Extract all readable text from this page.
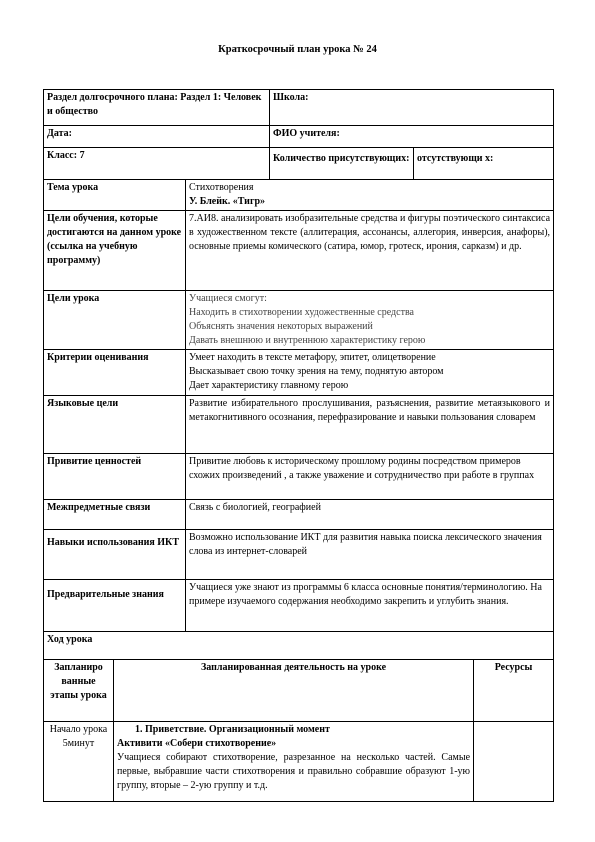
Краткосрочный план урока № 24
Раздел долгосрочного плана: Раздел 1: Человек и общество			Школа:		
Дата:			ФИО учителя:		
Класс: 7			Количество присутствующих:	отсутствующи х:	
Тема урока		Стихотворения

У. Блейк. «Тигр»			

Цели обучения, которые достигаются на данном уроке (ссылка на учебную программу)		7.АИ8. анализировать изобразительные средства и фигуры поэтического синтаксиса в художественном тексте (аллитерация, ассонансы, аллегория, инверсия, анафоры), основные приемы комического (сатира, юмор, гротеск, ирония, сарказм) и др.			
Цели урока		Учащиеся смогут:

Находить в стихотворении художественные средства

Объяснять значения некоторых выражений

Давать внешнюю и внутреннюю характеристику герою			

Критерии оценивания		Умеет находить в тексте метафору, эпитет, олицетворение

Высказывает свою точку зрения на тему, поднятую автором

Дает характеристику главному герою			

Языковые цели		Развитие избирательного прослушивания, разъяснения, развитие метаязыкового и метакогнитивного осознания, перефразирование и навыки пользования словарем			
Привитие ценностей		Привитие любовь к историческому прошлому родины посредством примеров схожих произведений , а также уважение и сотрудничество при работе в группах			
Межпредметные связи		Связь с биологией, географией			
Навыки использования ИКТ		Возможно использование ИКТ для развития навыка поиска лексического значения слова из интернет-словарей			
Предварительные знания		Учащиеся уже знают из программы 6 класса основные понятия/терминологию. На примере изучаемого содержания необходимо закрепить и углубить знания.			
Ход урока					
Запланиро ванные этапы урока	Запланированная деятельность на уроке				Ресурсы
Начало урока 5минут	1. Приветствие. Организационный момент

Активити «Собери стихотворение»

Учащиеся собирают стихотворение, разрезанное на несколько частей. Самые первые, выбравшие части стихотворения и правильно собравшие образуют 1-ую группу, вторые – 2-ую группу и т.д.				
